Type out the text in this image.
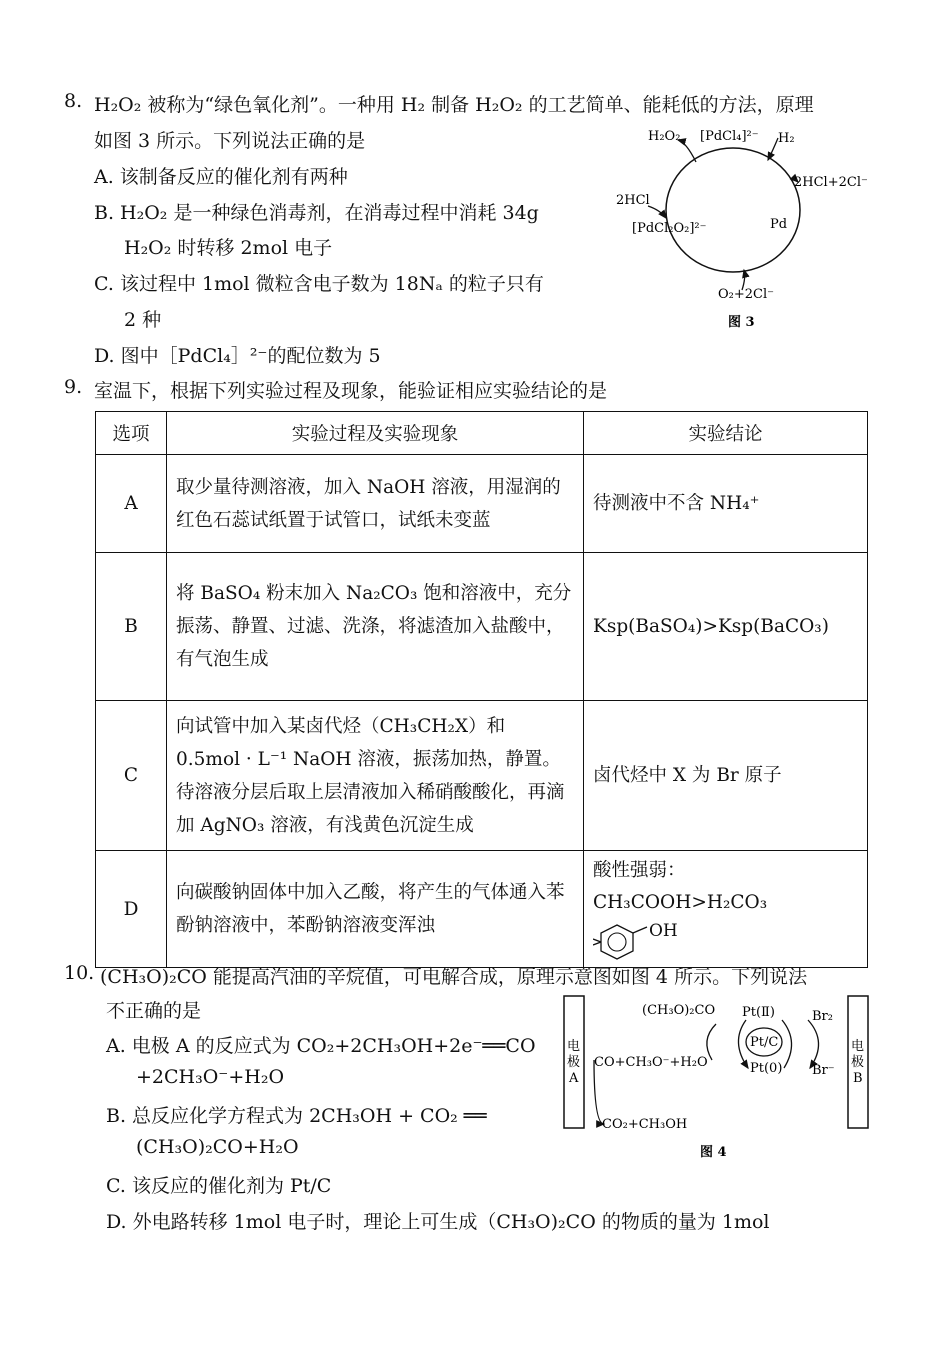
8. H₂O₂ 被称为“绿色氧化剂”。一种用 H₂ 制备 H₂O₂ 的工艺简单、能耗低的方法，原理
如图 3 所示。下列说法正确的是
A. 该制备反应的催化剂有两种
B. H₂O₂ 是一种绿色消毒剂，在消毒过程中消耗 34g
H₂O₂ 时转移 2mol 电子
C. 该过程中 1mol 微粒含电子数为 18Nₐ 的粒子只有
2 种
D. 图中［PdCl₄］²⁻的配位数为 5
H₂O₂ [PdCl₄]²⁻ H₂
2HCl+2Cl⁻
2HCl
[PdCl₂O₂]²⁻	Pd
O₂+2Cl⁻
图 3
9. 室温下，根据下列实验过程及现象，能验证相应实验结论的是
选项	实验过程及实验现象	实验结论
A	取少量待测溶液，加入 NaOH 溶液，用湿润的红色石蕊试纸置于试管口，试纸未变蓝	待测液中不含 NH₄⁺
B	将 BaSO₄ 粉末加入 Na₂CO₃ 饱和溶液中，充分振荡、静置、过滤、洗涤，将滤渣加入盐酸中，有气泡生成	Ksp(BaSO₄)>Ksp(BaCO₃)
C	向试管中加入某卤代烃（CH₃CH₂X）和 0.5mol · L⁻¹ NaOH 溶液，振荡加热，静置。待溶液分层后取上层清液加入稀硝酸酸化，再滴加 AgNO₃ 溶液，有浅黄色沉淀生成	卤代烃中 X 为 Br 原子
D	向碳酸钠固体中加入乙酸，将产生的气体通入苯酚钠溶液中，苯酚钠溶液变浑浊	酸性强弱：CH₃COOH>H₂CO₃
OH
10. (CH₃O)₂CO 能提高汽油的辛烷值，可电解合成，原理示意图如图 4 所示。下列说法
不正确的是
A. 电极 A 的反应式为 CO₂+2CH₃OH+2e⁻══CO
+2CH₃O⁻+H₂O
B. 总反应化学方程式为 2CH₃OH + CO₂ ══
(CH₃O)₂CO+H₂O
C. 该反应的催化剂为 Pt/C
D. 外电路转移 1mol 电子时，理论上可生成（CH₃O)₂CO 的物质的量为 1mol
电
极
A
电
极
B
(CH₃O)₂CO Pt(Ⅱ)
Pt/C
Br₂
CO+CH₃O⁻+H₂O	Pt(0) Br⁻
CO₂+CH₃OH
图 4
